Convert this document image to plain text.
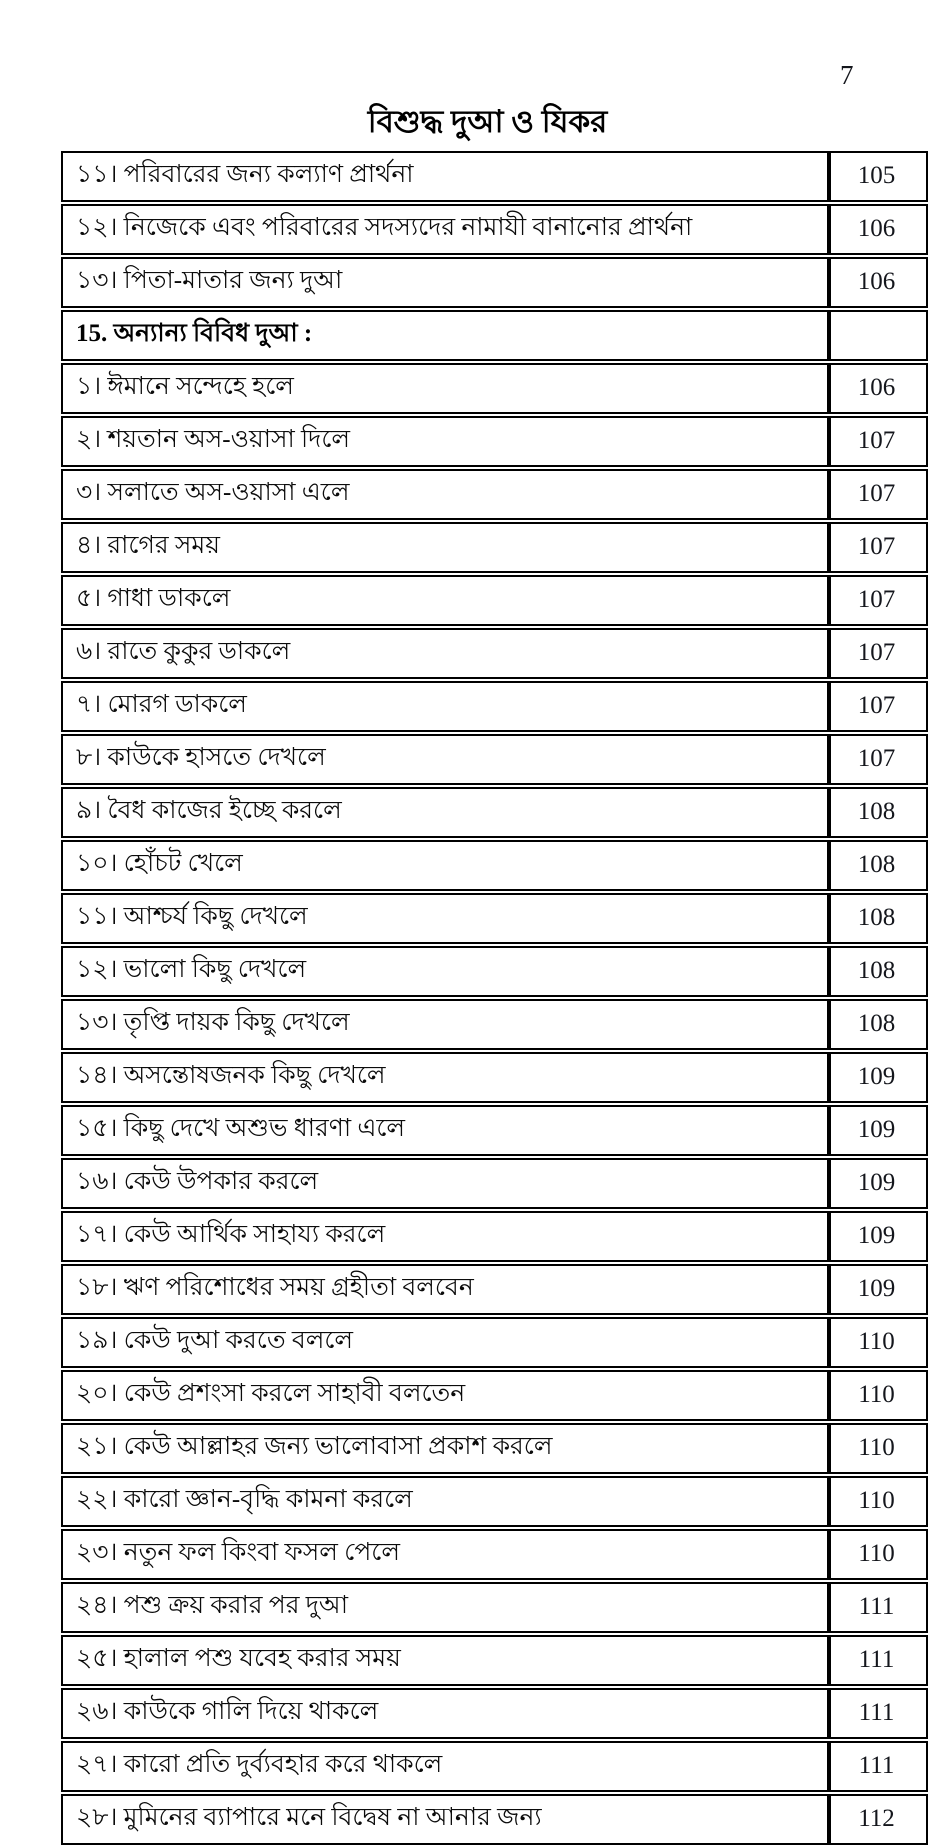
7
বিশুদ্ধ দুআ ও যিকর
১১। পরিবারের জন্য কল্যাণ প্রার্থনা	105
১২। নিজেকে এবং পরিবারের সদস্যদের নামাযী বানানোর প্রার্থনা	106
১৩। পিতা-মাতার জন্য দুআ	106
15. অন্যান্য বিবিধ দুআ :	
১। ঈমানে সন্দেহে হলে	106
২। শয়তান অস-ওয়াসা দিলে	107
৩। সলাতে অস-ওয়াসা এলে	107
৪। রাগের সময়	107
৫। গাধা ডাকলে	107
৬। রাতে কুকুর ডাকলে	107
৭। মোরগ ডাকলে	107
৮। কাউকে হাসতে দেখলে	107
৯। বৈধ কাজের ইচ্ছে করলে	108
১০। হোঁচট খেলে	108
১১। আশ্চর্য কিছু দেখলে	108
১২। ভালো কিছু দেখলে	108
১৩। তৃপ্তি দায়ক কিছু দেখলে	108
১৪। অসন্তোষজনক কিছু দেখলে	109
১৫। কিছু দেখে অশুভ ধারণা এলে	109
১৬। কেউ উপকার করলে	109
১৭। কেউ আর্থিক সাহায্য করলে	109
১৮। ঋণ পরিশোধের সময় গ্রহীতা বলবেন	109
১৯। কেউ দুআ করতে বললে	110
২০। কেউ প্রশংসা করলে সাহাবী বলতেন	110
২১। কেউ আল্লাহর জন্য ভালোবাসা প্রকাশ করলে	110
২২। কারো জ্ঞান-বৃদ্ধি কামনা করলে	110
২৩। নতুন ফল কিংবা ফসল পেলে	110
২৪। পশু ক্রয় করার পর দুআ	111
২৫। হালাল পশু যবেহ করার সময়	111
২৬। কাউকে গালি দিয়ে থাকলে	111
২৭। কারো প্রতি দুর্ব্যবহার করে থাকলে	111
২৮। মুমিনের ব্যাপারে মনে বিদ্বেষ না আনার জন্য	112
